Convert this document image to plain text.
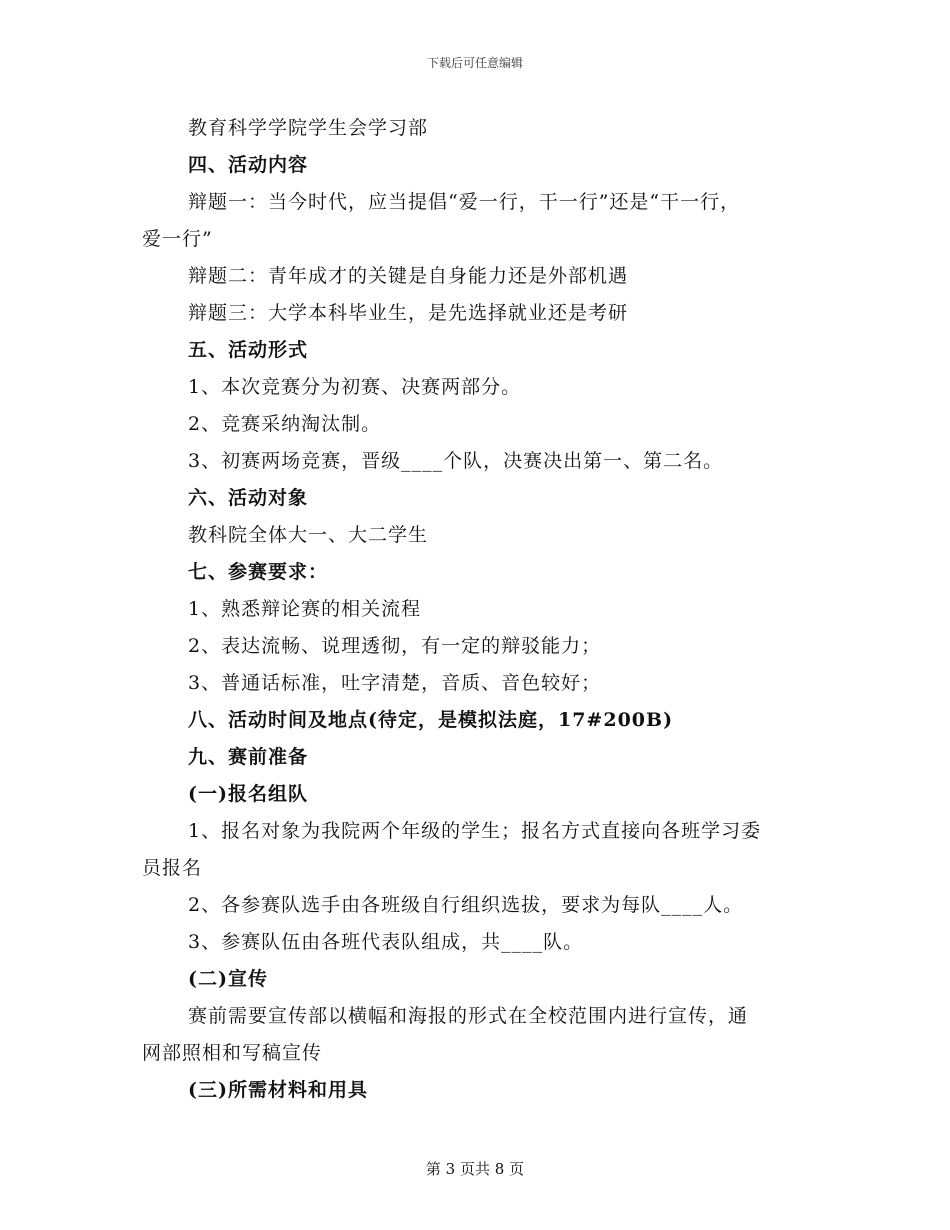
下载后可任意编辑
教育科学学院学生会学习部
四、活动内容
辩题一：当今时代，应当提倡“爱一行，干一行”还是“干一行，
爱一行”
辩题二：青年成才的关键是自身能力还是外部机遇
辩题三：大学本科毕业生，是先选择就业还是考研
五、活动形式
1、本次竞赛分为初赛、决赛两部分。
2、竞赛采纳淘汰制。
3、初赛两场竞赛，晋级____个队，决赛决出第一、第二名。
六、活动对象
教科院全体大一、大二学生
七、参赛要求：
1、熟悉辩论赛的相关流程
2、表达流畅、说理透彻，有一定的辩驳能力；
3、普通话标准，吐字清楚，音质、音色较好；
八、活动时间及地点(待定，是模拟法庭，17#200B)
九、赛前准备
(一)报名组队
1、报名对象为我院两个年级的学生；报名方式直接向各班学习委
员报名
2、各参赛队选手由各班级自行组织选拔，要求为每队____人。
3、参赛队伍由各班代表队组成，共____队。
(二)宣传
赛前需要宣传部以横幅和海报的形式在全校范围内进行宣传，通
网部照相和写稿宣传
(三)所需材料和用具
第 3 页共 8 页
